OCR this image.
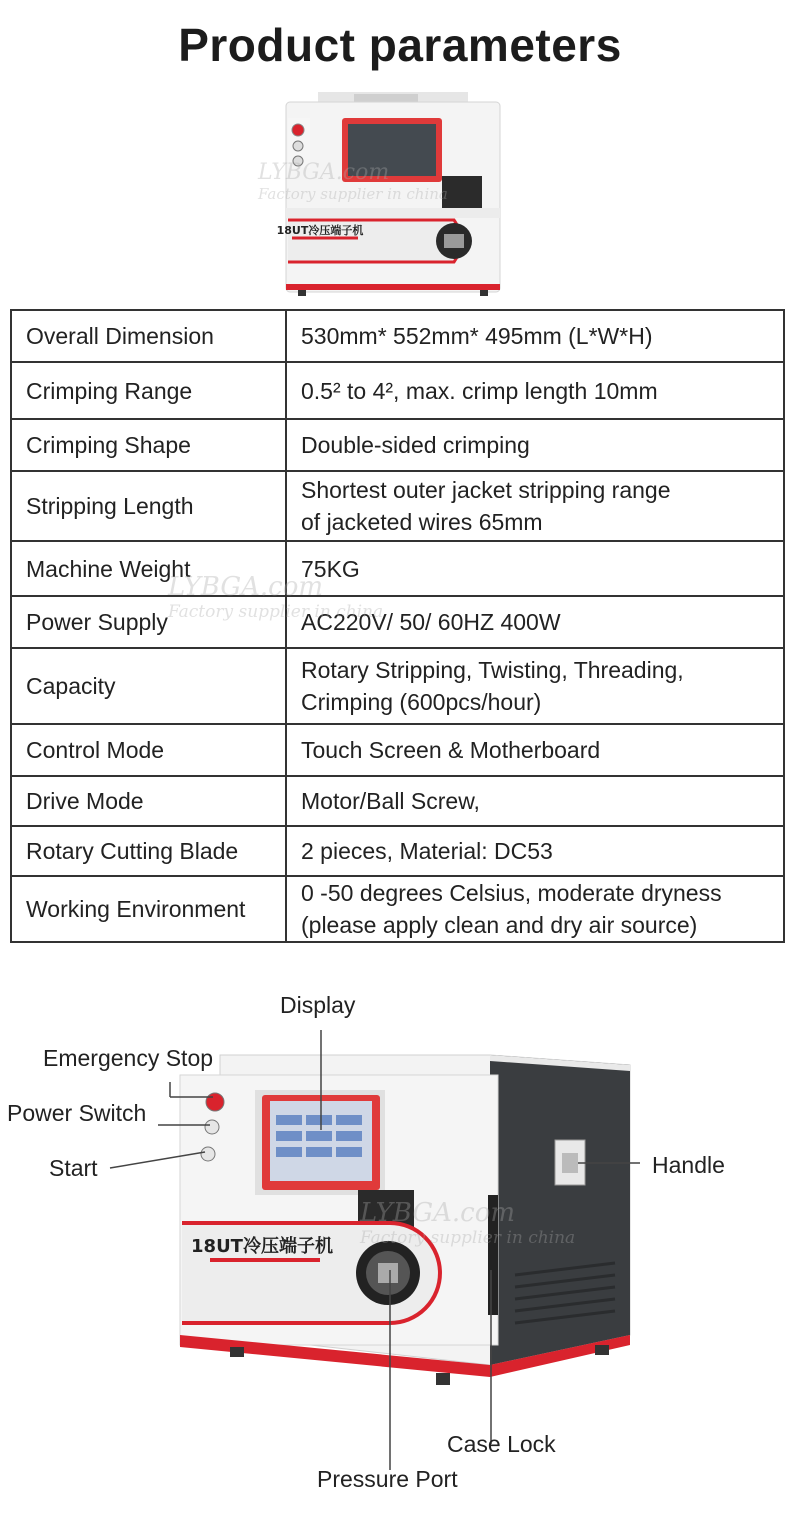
Product parameters
18UT冷压端子机
LYBGA.com
Factory supplier in china
Overall Dimension	530mm* 552mm* 495mm (L*W*H)

Crimping Range	0.5² to 4², max. crimp length 10mm

Crimping Shape	Double-sided crimping

Stripping Length	Shortest outer jacket stripping range
of jacketed wires 65mm

Machine Weight	75KG

Power Supply	AC220V/ 50/ 60HZ 400W

Capacity	Rotary Stripping, Twisting, Threading,
Crimping (600pcs/hour)

Control Mode	Touch Screen & Motherboard

Drive Mode	Motor/Ball Screw,

Rotary Cutting Blade	2 pieces, Material: DC53

Working Environment	0 -50 degrees Celsius, moderate dryness
(please apply clean and dry air source)
LYBGA.com
Factory supplier in china
18UT冷压端子机
LYBGA.com
Factory supplier in china
Display
Emergency Stop
Power Switch
Start	Handle
Case Lock
Pressure Port
